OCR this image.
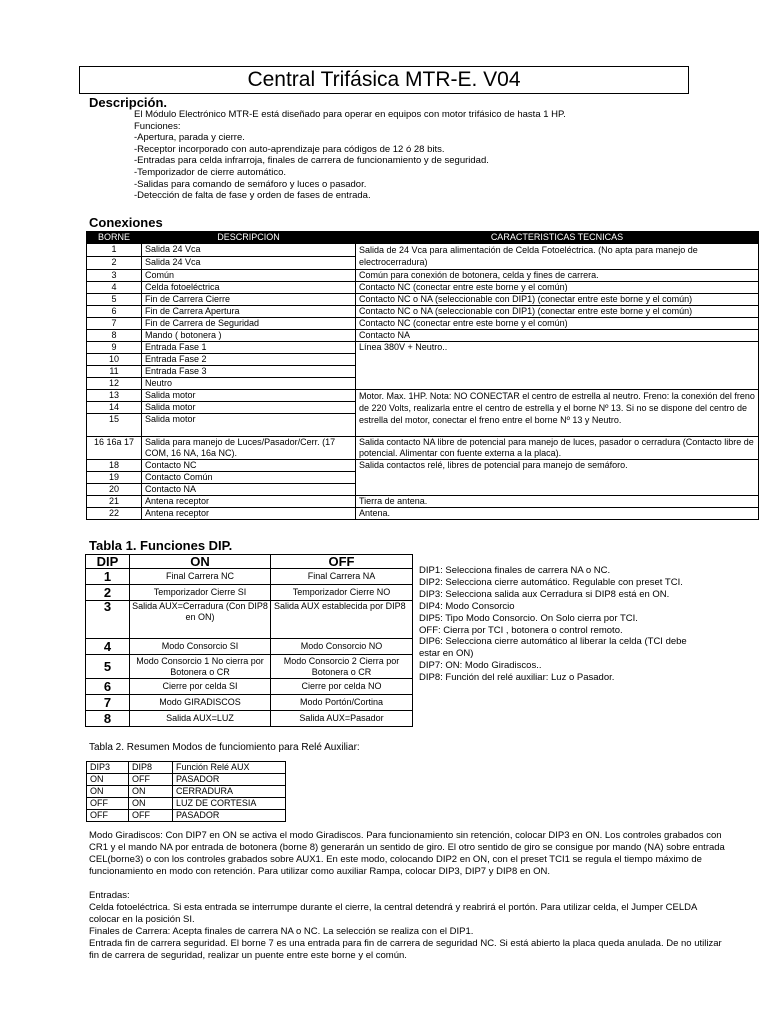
Central Trifásica MTR-E. V04
Descripción.
El Módulo Electrónico MTR-E está diseñado para operar en equipos con motor trifásico de hasta 1 HP.
Funciones:
-Apertura, parada y cierre.
-Receptor incorporado con auto-aprendizaje para códigos de 12 ó 28 bits.
-Entradas para celda infrarroja, finales de carrera de funcionamiento y de seguridad.
-Temporizador de cierre automático.
-Salidas para comando de semáforo y luces o pasador.
-Detección de falta de fase y orden de fases de entrada.
Conexiones
BORNE	DESCRIPCION	CARACTERISTICAS TECNICAS
1	Salida 24 Vca	Salida de 24 Vca para alimentación de Celda Fotoeléctrica. (No apta para manejo de electrocerradura)
2	Salida 24 Vca	
3	Común	Común para conexión de botonera, celda y fines de carrera.
4	Celda fotoeléctrica	Contacto NC (conectar entre este borne y el común)
5	Fin de Carrera Cierre	Contacto NC o NA (seleccionable con DIP1) (conectar entre este borne y el común)
6	Fin de Carrera Apertura	Contacto NC o NA (seleccionable con DIP1) (conectar entre este borne y el común)
7	Fin de Carrera de Seguridad	Contacto NC (conectar entre este borne y el común)
8	Mando ( botonera )	Contacto NA
9	Entrada Fase 1	Línea 380V + Neutro..
10	Entrada Fase 2	
11	Entrada Fase 3	
12	Neutro	
13	Salida motor	Motor. Max. 1HP. Nota: NO CONECTAR el centro de estrella al neutro. Freno: la conexión del freno de 220 Volts, realizarla entre el centro de estrella y el borne Nº 13. Si no se dispone del centro de estrella del motor, conectar el freno entre el borne Nº 13 y Neutro.
14	Salida motor	
15	Salida motor	
16 16a 17	Salida para manejo de Luces/Pasador/Cerr. (17 COM, 16 NA, 16a NC).	Salida contacto NA libre de potencial para manejo de luces, pasador o cerradura (Contacto libre de potencial. Alimentar con fuente externa a la placa).
18	Contacto NC	Salida contactos relé, libres de potencial para manejo de semáforo.
19	Contacto Común	
20	Contacto NA	
21	Antena receptor	Tierra de antena.
22	Antena receptor	Antena.
Tabla 1. Funciones DIP.
DIP	ON	OFF
1	Final Carrera NC	Final Carrera NA
2	Temporizador Cierre SI	Temporizador Cierre NO
3	Salida AUX=Cerradura (Con DIP8 en ON)	Salida AUX establecida por DIP8
4	Modo Consorcio SI	Modo Consorcio NO
5	Modo Consorcio 1 No cierra por Botonera o CR	Modo Consorcio 2 Cierra por Botonera o CR
6	Cierre por celda SI	Cierre por celda NO
7	Modo GIRADISCOS	Modo Portón/Cortina
8	Salida AUX=LUZ	Salida AUX=Pasador
DIP1: Selecciona finales de carrera NA o NC.
DIP2: Selecciona cierre automático. Regulable con preset TCI.
DIP3: Selecciona salida aux Cerradura si DIP8 está en ON.
DIP4: Modo Consorcio
DIP5: Tipo Modo Consorcio. On Solo cierra por TCI.
OFF: Cierra por TCI , botonera o control remoto.
DIP6: Selecciona cierre automático al liberar la celda (TCI debe
estar en ON)
DIP7: ON: Modo Giradiscos..
DIP8: Función del relé auxiliar: Luz o Pasador.
Tabla 2. Resumen Modos de funciomiento para Relé Auxiliar:
DIP3	DIP8	Función Relé AUX
ON	OFF	PASADOR
ON	ON	CERRADURA
OFF	ON	LUZ DE CORTESIA
OFF	OFF	PASADOR
Modo Giradiscos: Con DIP7 en ON se activa el modo Giradiscos. Para funcionamiento sin retención, colocar DIP3 en ON. Los controles grabados con CR1 y el mando NA por entrada de botonera (borne 8) generarán un sentido de giro. El otro sentido de giro se consigue por mando (NA) sobre entrada CEL(borne3) o con los controles grabados sobre AUX1. En este modo, colocando DIP2 en ON, con el preset TCI1 se regula el tiempo máximo de funcionamiento en modo con retención. Para utilizar como auxiliar Rampa, colocar DIP3, DIP7 y DIP8 en ON.
Entradas:
Celda fotoeléctrica. Si esta entrada se interrumpe durante el cierre, la central detendrá y reabrirá el portón. Para utilizar celda, el Jumper CELDA colocar en la posición SI.
Finales de Carrera: Acepta finales de carrera NA o NC. La selección se realiza con el DIP1.
Entrada fin de carrera seguridad. El borne 7 es una entrada para fin de carrera de seguridad NC. Si está abierto la placa queda anulada. De no utilizar fin de carrera de seguridad, realizar un puente entre este borne y el común.
